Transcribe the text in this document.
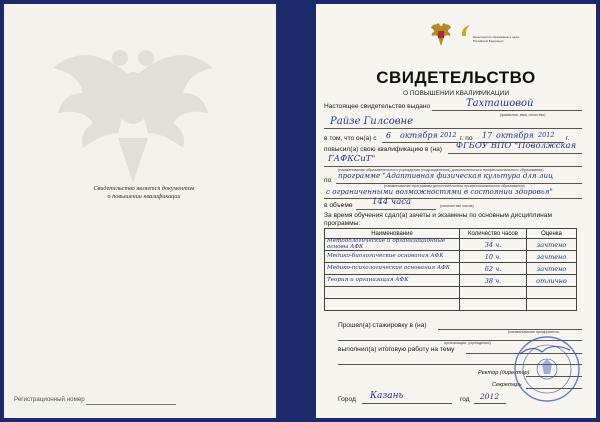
Свидетельство является документом
о повышении квалификации
Регистрационный номер
Министерство образования и науки Российской Федерации
СВИДЕТЕЛЬСТВО
О ПОВЫШЕНИИ КВАЛИФИКАЦИИ
Настоящее свидетельство выдано	Тахташовой
(фамилия, имя, отчество)
Райзе Гилсовне
в том, что он(а) с 6 октября 2012 г. по 17 октября 2012 г.
повысил(а) свою квалификацию в (на) ФГБОУ ВПО "Поволжская
ГАФКСиТ"
(наименование образовательного учреждения (подразделения) дополнительного профессионального образования)
по
программе "Адаптивная физическая культура для лиц
(наименование программы дополнительного профессионального образования)
с ограниченными возможностями в состоянии здоровья"
в объеме 144 часа	(количество часов)
За время обучения сдал(а) зачеты и экзамены по основным дисциплинам
программы:
Наименование	Количество часов	Оценка
Методологические и организационные основы АФК	34 ч.	зачтено
Медико-биологические основания АФК	10 ч.	зачтено
Медико-психологические основания АФК	62 ч.	зачтено
Теория и организация АФК	38 ч.	отлично

Прошел(а) стажировку в (на)
(наименование предприятия,
организации, учреждения)
выполнил(а) итоговую работу на тему
Ректор (директор)
Секретарь
Город Казань	год 2012
